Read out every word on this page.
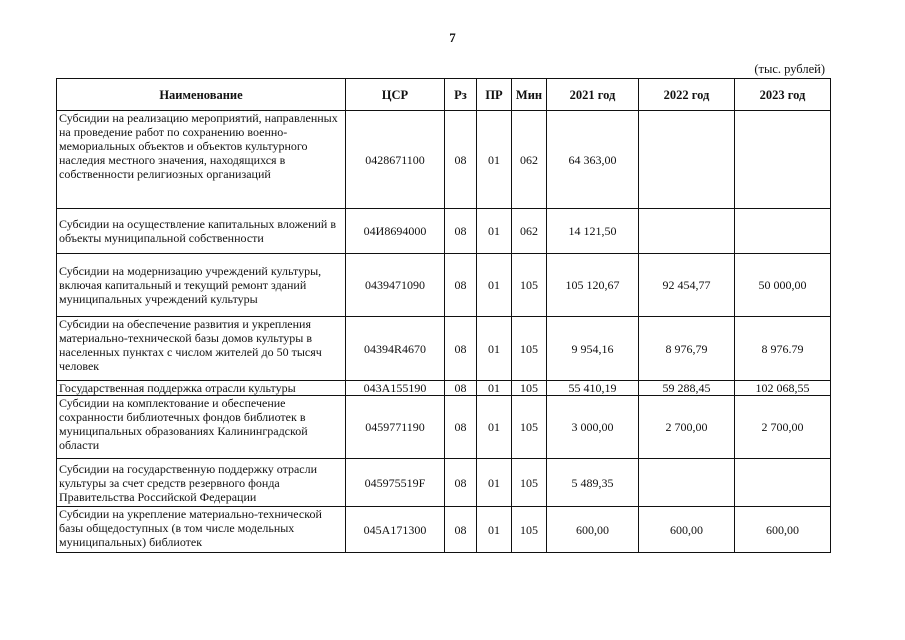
7
(тыс. рублей)
Наименование	ЦСР	Рз	ПР	Мин	2021 год	2022 год	2023 год
Субсидии на реализацию мероприятий, направленных на проведение работ по сохранению военно-мемориальных объектов и объектов культурного наследия местного значения, находящихся в собственности религиозных организаций	0428671100	08	01	062	64 363,00		
Субсидии на осуществление капитальных вложений в объекты муниципальной собственности	04И8694000	08	01	062	14 121,50		
Субсидии на модернизацию учреждений культуры, включая капитальный и текущий ремонт зданий муниципальных учреждений культуры	0439471090	08	01	105	105 120,67	92 454,77	50 000,00
Субсидии на обеспечение развития и укрепления материально-технической базы домов культуры в населенных пунктах с числом жителей до 50 тысяч человек	04394R4670	08	01	105	9 954,16	8 976,79	8 976.79
Государственная поддержка отрасли культуры	043A155190	08	01	105	55 410,19	59 288,45	102 068,55
Субсидии на комплектование и обеспечение сохранности библиотечных фондов библиотек в муниципальных образованиях Калининградской области	0459771190	08	01	105	3 000,00	2 700,00	2 700,00
Субсидии на государственную поддержку отрасли культуры за счет средств резервного фонда Правительства Российской Федерации	045975519F	08	01	105	5 489,35		
Субсидии на укрепление материально-технической базы общедоступных (в том числе модельных муниципальных) библиотек	045A171300	08	01	105	600,00	600,00	600,00
